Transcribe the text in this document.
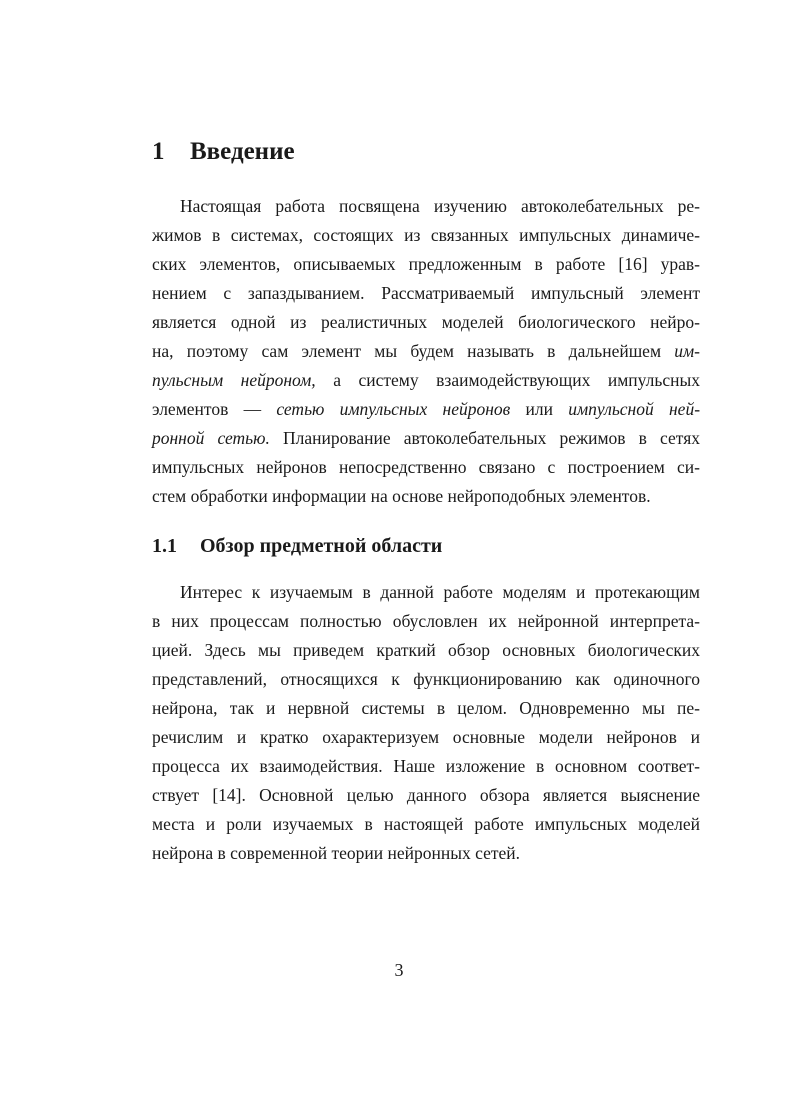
1 Введение
Настоящая работа посвящена изучению автоколебательных ре-
жимов в системах, состоящих из связанных импульсных динамиче-
ских элементов, описываемых предложенным в работе [16] урав-
нением с запаздыванием. Рассматриваемый импульсный элемент
является одной из реалистичных моделей биологического нейро-
на, поэтому сам элемент мы будем называть в дальнейшем им-
пульсным нейроном, а систему взаимодействующих импульсных
элементов — сетью импульсных нейронов или импульсной ней-
ронной сетью. Планирование автоколебательных режимов в сетях
импульсных нейронов непосредственно связано с построением си-
стем обработки информации на основе нейроподобных элементов.
1.1 Обзор предметной области
Интерес к изучаемым в данной работе моделям и протекающим
в них процессам полностью обусловлен их нейронной интерпрета-
цией. Здесь мы приведем краткий обзор основных биологических
представлений, относящихся к функционированию как одиночного
нейрона, так и нервной системы в целом. Одновременно мы пе-
речислим и кратко охарактеризуем основные модели нейронов и
процесса их взаимодействия. Наше изложение в основном соответ-
ствует [14]. Основной целью данного обзора является выяснение
места и роли изучаемых в настоящей работе импульсных моделей
нейрона в современной теории нейронных сетей.

3
